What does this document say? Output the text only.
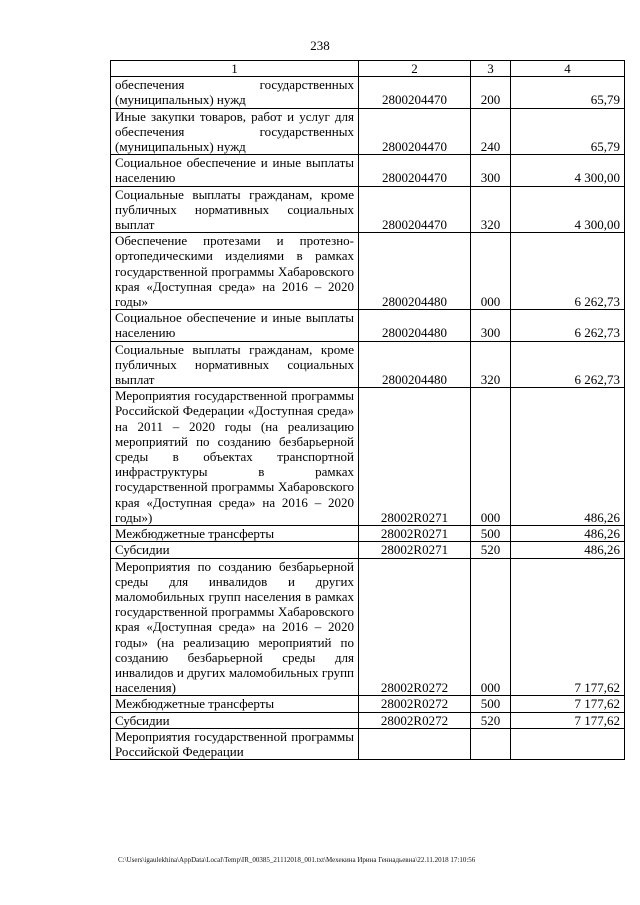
238
1	2	3	4
обеспечения государственных (муниципальных) нужд	2800204470	200	65,79
Иные закупки товаров, работ и услуг для обеспечения государственных (муниципальных) нужд	2800204470	240	65,79
Социальное обеспечение и иные выплаты населению	2800204470	300	4 300,00
Социальные выплаты гражданам, кроме публичных нормативных социальных выплат	2800204470	320	4 300,00
Обеспечение протезами и протезно-ортопедическими изделиями в рамках государственной программы Хабаровского края «Доступная среда» на 2016 – 2020 годы»	2800204480	000	6 262,73
Социальное обеспечение и иные выплаты населению	2800204480	300	6 262,73
Социальные выплаты гражданам, кроме публичных нормативных социальных выплат	2800204480	320	6 262,73
Мероприятия государственной программы Российской Федерации «Доступная среда» на 2011 – 2020 годы (на реализацию мероприятий по созданию безбарьерной среды в объектах транспортной инфраструктуры в рамках государственной программы Хабаровского края «Доступная среда» на 2016 – 2020 годы»)	28002R0271	000	486,26
Межбюджетные трансферты	28002R0271	500	486,26
Субсидии	28002R0271	520	486,26
Мероприятия по созданию безбарьерной среды для инвалидов и других маломобильных групп населения в рамках государственной программы Хабаровского края «Доступная среда» на 2016 – 2020 годы» (на реализацию мероприятий по созданию безбарьерной среды для инвалидов и других маломобильных групп населения)	28002R0272	000	7 177,62
Межбюджетные трансферты	28002R0272	500	7 177,62
Субсидии	28002R0272	520	7 177,62
Мероприятия государственной программы Российской Федерации			
C:\Users\igaulekhina\AppData\Local\Temp\IR_00385_21112018_001.txt\Мехекина Ирина Геннадьевна\22.11.2018 17:10:56
